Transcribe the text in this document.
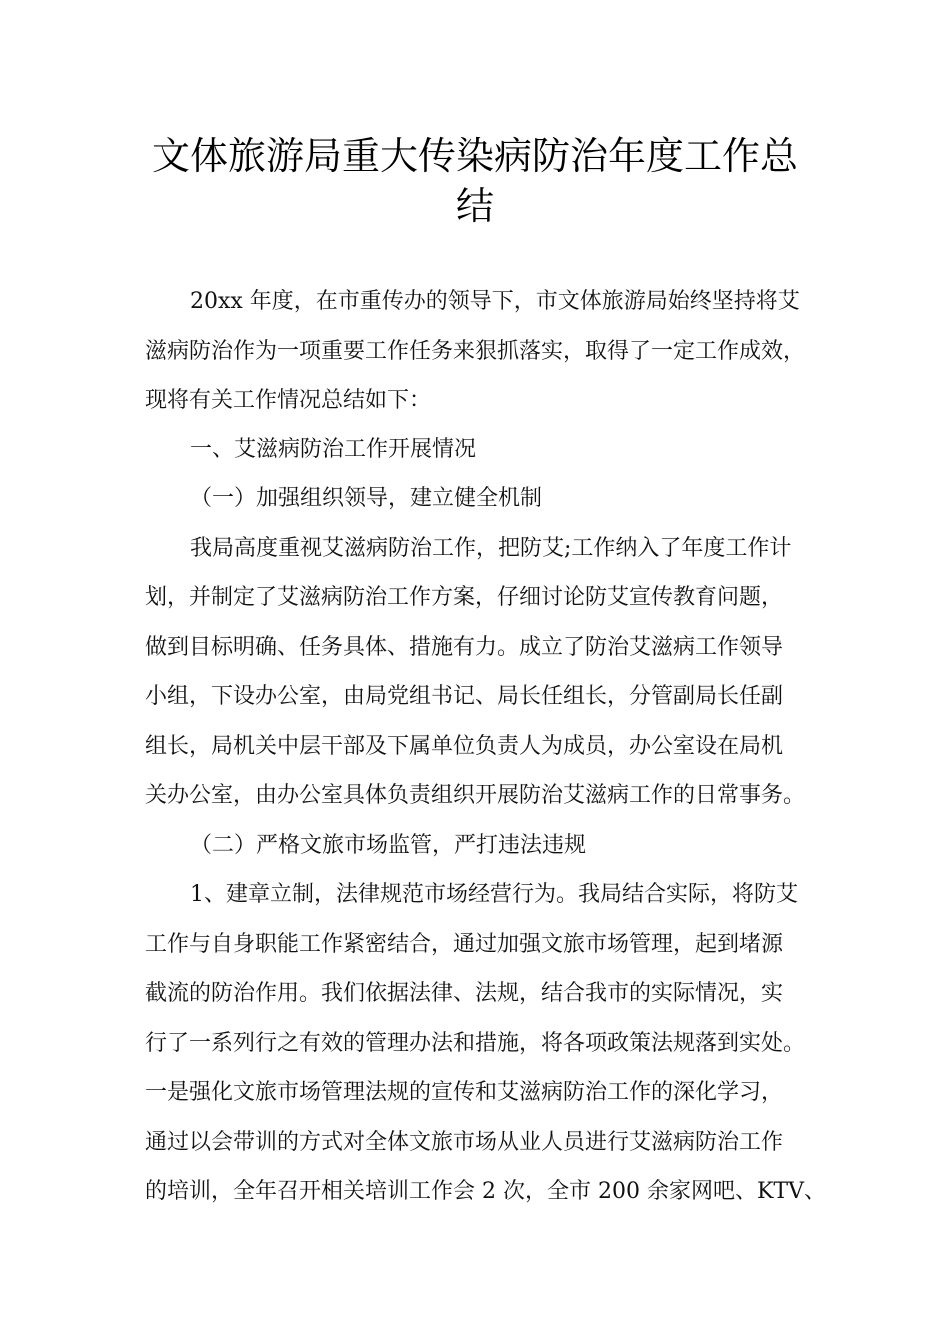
文体旅游局重大传染病防治年度工作总
结
20xx 年度，在市重传办的领导下，市文体旅游局始终坚持将艾
滋病防治作为一项重要工作任务来狠抓落实，取得了一定工作成效，
现将有关工作情况总结如下：
一、艾滋病防治工作开展情况
（一）加强组织领导，建立健全机制
我局高度重视艾滋病防治工作，把防艾;工作纳入了年度工作计
划，并制定了艾滋病防治工作方案，仔细讨论防艾宣传教育问题，
做到目标明确、任务具体、措施有力。成立了防治艾滋病工作领导
小组，下设办公室，由局党组书记、局长任组长，分管副局长任副
组长，局机关中层干部及下属单位负责人为成员，办公室设在局机
关办公室，由办公室具体负责组织开展防治艾滋病工作的日常事务。
（二）严格文旅市场监管，严打违法违规
1、建章立制，法律规范市场经营行为。我局结合实际，将防艾
工作与自身职能工作紧密结合，通过加强文旅市场管理，起到堵源
截流的防治作用。我们依据法律、法规，结合我市的实际情况，实
行了一系列行之有效的管理办法和措施，将各项政策法规落到实处。
一是强化文旅市场管理法规的宣传和艾滋病防治工作的深化学习，
通过以会带训的方式对全体文旅市场从业人员进行艾滋病防治工作
的培训，全年召开相关培训工作会 2 次，全市 200 余家网吧、KTV、
